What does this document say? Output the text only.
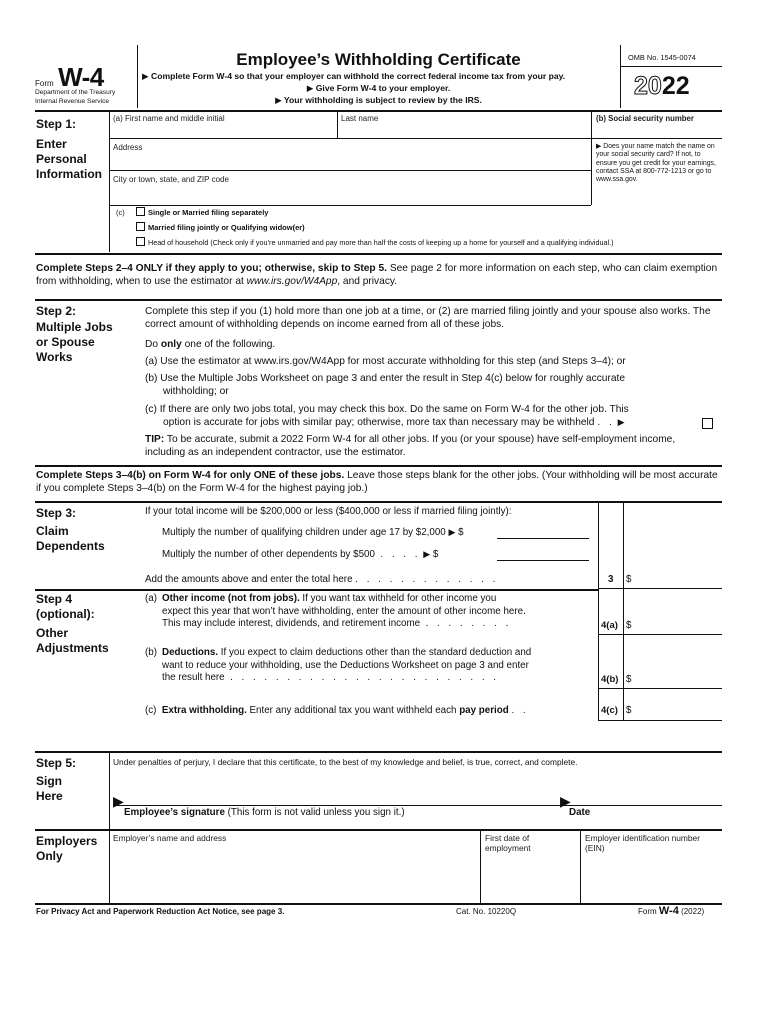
Form W-4
Department of the Treasury
Internal Revenue Service
Employee’s Withholding Certificate
▶ Complete Form W-4 so that your employer can withhold the correct federal income tax from your pay.
▶ Give Form W-4 to your employer.
▶ Your withholding is subject to review by the IRS.
OMB No. 1545-0074
2022
Step 1:
Enter
Personal
Information
(a) First name and middle initial	Last name	(b) Social security number
Address
City or town, state, and ZIP code
▶ Does your name match the name on your social security card? If not, to ensure you get credit for your earnings, contact SSA at 800-772-1213 or go to www.ssa.gov.
(c)	Single or Married filing separately
Married filing jointly or Qualifying widow(er)
Head of household (Check only if you’re unmarried and pay more than half the costs of keeping up a home for yourself and a qualifying individual.)
Complete Steps 2–4 ONLY if they apply to you; otherwise, skip to Step 5. See page 2 for more information on each step, who can claim exemption from withholding, when to use the estimator at www.irs.gov/W4App, and privacy.
Step 2:
Multiple Jobs
or Spouse
Works
Complete this step if you (1) hold more than one job at a time, or (2) are married filing jointly and your spouse also works. The correct amount of withholding depends on income earned from all of these jobs.
Do only one of the following.
(a) Use the estimator at www.irs.gov/W4App for most accurate withholding for this step (and Steps 3–4); or
(b) Use the Multiple Jobs Worksheet on page 3 and enter the result in Step 4(c) below for roughly accurate
withholding; or
(c) If there are only two jobs total, you may check this box. Do the same on Form W-4 for the other job. This
option is accurate for jobs with similar pay; otherwise, more tax than necessary may be withheld . . ▶
TIP: To be accurate, submit a 2022 Form W-4 for all other jobs. If you (or your spouse) have self-employment income, including as an independent contractor, use the estimator.
Complete Steps 3–4(b) on Form W-4 for only ONE of these jobs. Leave those steps blank for the other jobs. (Your withholding will be most accurate if you complete Steps 3–4(b) on the Form W-4 for the highest paying job.)
Step 3:
Claim
Dependents
If your total income will be $200,000 or less ($400,000 or less if married filing jointly):
Multiply the number of qualifying children under age 17 by $2,000 ▶ $
Multiply the number of other dependents by $500 . . . . ▶ $
Add the amounts above and enter the total here . . . . . . . . . . . . .	3 $
Step 4
(optional):
Other
Adjustments
(a) Other income (not from jobs). If you want tax withheld for other income you
expect this year that won’t have withholding, enter the amount of other income here.
This may include interest, dividends, and retirement income . . . . . . . .	4(a) $
(b) Deductions. If you expect to claim deductions other than the standard deduction and
want to reduce your withholding, use the Deductions Worksheet on page 3 and enter
the result here . . . . . . . . . . . . . . . . . . . . . . . .	4(b) $
(c) Extra withholding. Enter any additional tax you want withheld each pay period . .	4(c) $
Step 5:
Sign
Here
Under penalties of perjury, I declare that this certificate, to the best of my knowledge and belief, is true, correct, and complete.
▶
Employee’s signature (This form is not valid unless you sign it.)
▶
Date
Employers
Only
Employer’s name and address	First date of employment
Employer identification number (EIN)
For Privacy Act and Paperwork Reduction Act Notice, see page 3.	Cat. No. 10220Q	Form W-4 (2022)
